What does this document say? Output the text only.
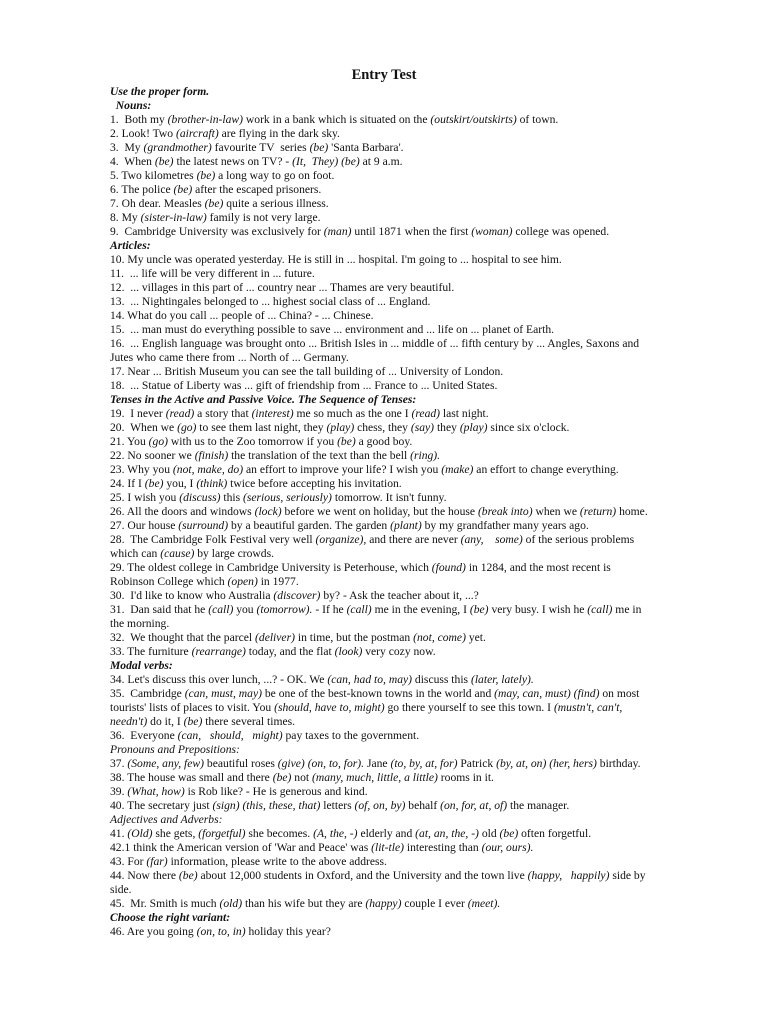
Entry Test
Use the proper form.
Nouns:
1.  Both my (brother-in-law) work in a bank which is situated on the (outskirt/outskirts) of town.
2. Look! Two (aircraft) are flying in the dark sky.
3.  My (grandmother) favourite TV  series (be) 'Santa Barbara'.
4.  When (be) the latest news on TV? - (It,  They) (be) at 9 a.m.
5. Two kilometres (be) a long way to go on foot.
6. The police (be) after the escaped prisoners.
7. Oh dear. Measles (be) quite a serious illness.
8. My (sister-in-law) family is not very large.
9.  Cambridge University was exclusively for (man) until 1871 when the first (woman) college was opened.
Articles:
10. My uncle was operated yesterday. He is still in ... hospital. I'm going to ... hospital to see him.
11.  ... life will be very different in ... future.
12.  ... villages in this part of ... country near ... Thames are very beautiful.
13.  ... Nightingales belonged to ... highest social class of ... England.
14. What do you call ... people of ... China? - ... Chinese.
15.  ... man must do everything possible to save ... environment and ... life on ... planet of Earth.
16.  ... English language was brought onto ... British Isles in ... middle of ... fifth century by ... Angles, Saxons and
Jutes who came there from ... North of ... Germany.
17. Near ... British Museum you can see the tall building of ... University of London.
18.  ... Statue of Liberty was ... gift of friendship from ... France to ... United States.
Tenses in the Active and Passive Voice. The Sequence of Tenses:
19.  I never (read) a story that (interest) me so much as the one I (read) last night.
20.  When we (go) to see them last night, they (play) chess, they (say) they (play) since six o'clock.
21. You (go) with us to the Zoo tomorrow if you (be) a good boy.
22. No sooner we (finish) the translation of the text than the bell (ring).
23. Why you (not, make, do) an effort to improve your life? I wish you (make) an effort to change everything.
24. If I (be) you, I (think) twice before accepting his invitation.
25. I wish you (discuss) this (serious, seriously) tomorrow. It isn't funny.
26. All the doors and windows (lock) before we went on holiday, but the house (break into) when we (return) home.
27. Our house (surround) by a beautiful garden. The garden (plant) by my grandfather many years ago.
28.  The Cambridge Folk Festival very well (organize), and there are never (any,    some) of the serious problems
which can (cause) by large crowds.
29. The oldest college in Cambridge University is Peterhouse, which (found) in 1284, and the most recent is
Robinson College which (open) in 1977.
30.  I'd like to know who Australia (discover) by? - Ask the teacher about it, ...?
31.  Dan said that he (call) you (tomorrow). - If he (call) me in the evening, I (be) very busy. I wish he (call) me in
the morning.
32.  We thought that the parcel (deliver) in time, but the postman (not, come) yet.
33. The furniture (rearrange) today, and the flat (look) very cozy now.
Modal verbs:
34. Let's discuss this over lunch, ...? - OK. We (can, had to, may) discuss this (later, lately).
35.  Cambridge (can, must, may) be one of the best-known towns in the world and (may, can, must) (find) on most
tourists' lists of places to visit. You (should, have to, might) go there yourself to see this town. I (mustn't, can't,
needn't) do it, I (be) there several times.
36.  Everyone (can,   should,   might) pay taxes to the government.
Pronouns and Prepositions:
37. (Some, any, few) beautiful roses (give) (on, to, for). Jane (to, by, at, for) Patrick (by, at, on) (her, hers) birthday.
38. The house was small and there (be) not (many, much, little, a little) rooms in it.
39. (What, how) is Rob like? - He is generous and kind.
40. The secretary just (sign) (this, these, that) letters (of, on, by) behalf (on, for, at, of) the manager.
Adjectives and Adverbs:
41. (Old) she gets, (forgetful) she becomes. (A, the, -) elderly and (at, an, the, -) old (be) often forgetful.
42.1 think the American version of 'War and Peace' was (lit-tle) interesting than (our, ours).
43. For (far) information, please write to the above address.
44. Now there (be) about 12,000 students in Oxford, and the University and the town live (happy,   happily) side by
side.
45.  Mr. Smith is much (old) than his wife but they are (happy) couple I ever (meet).
Choose the right variant:
46. Are you going (on, to, in) holiday this year?
